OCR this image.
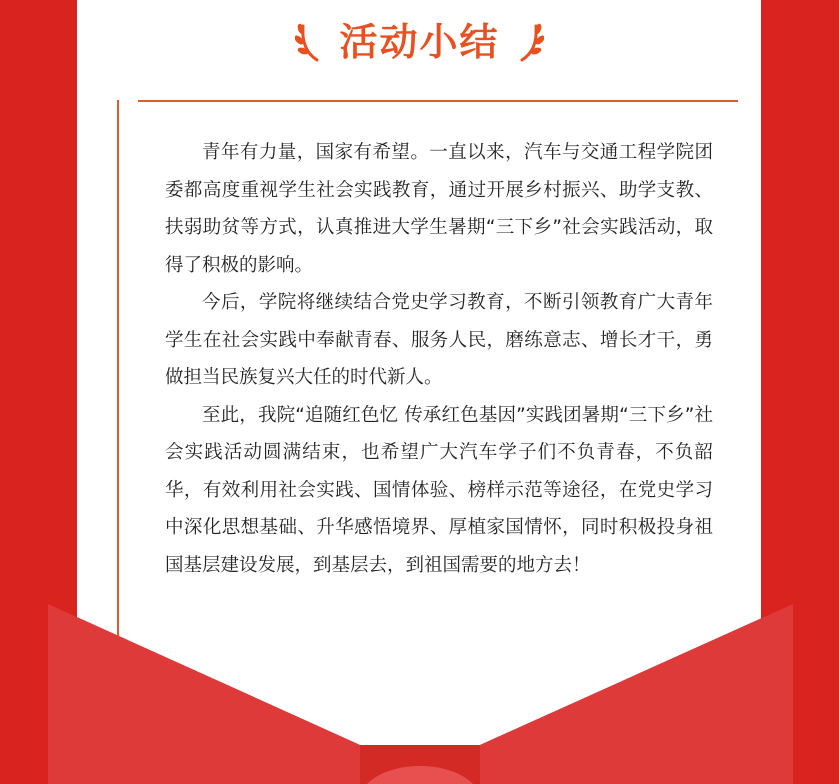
活动小结

青年有力量，国家有希望。一直以来，汽车与交通工程学院团委都高度重视学生社会实践教育，通过开展乡村振兴、助学支教、扶弱助贫等方式，认真推进大学生暑期“三下乡”社会实践活动，取得了积极的影响。

今后，学院将继续结合党史学习教育，不断引领教育广大青年学生在社会实践中奉献青春、服务人民，磨练意志、增长才干，勇做担当民族复兴大任的时代新人。

至此，我院“追随红色忆 传承红色基因”实践团暑期“三下乡”社会实践活动圆满结束，也希望广大汽车学子们不负青春，不负韶华，有效利用社会实践、国情体验、榜样示范等途径，在党史学习中深化思想基础、升华感悟境界、厚植家国情怀，同时积极投身祖国基层建设发展，到基层去，到祖国需要的地方去！
